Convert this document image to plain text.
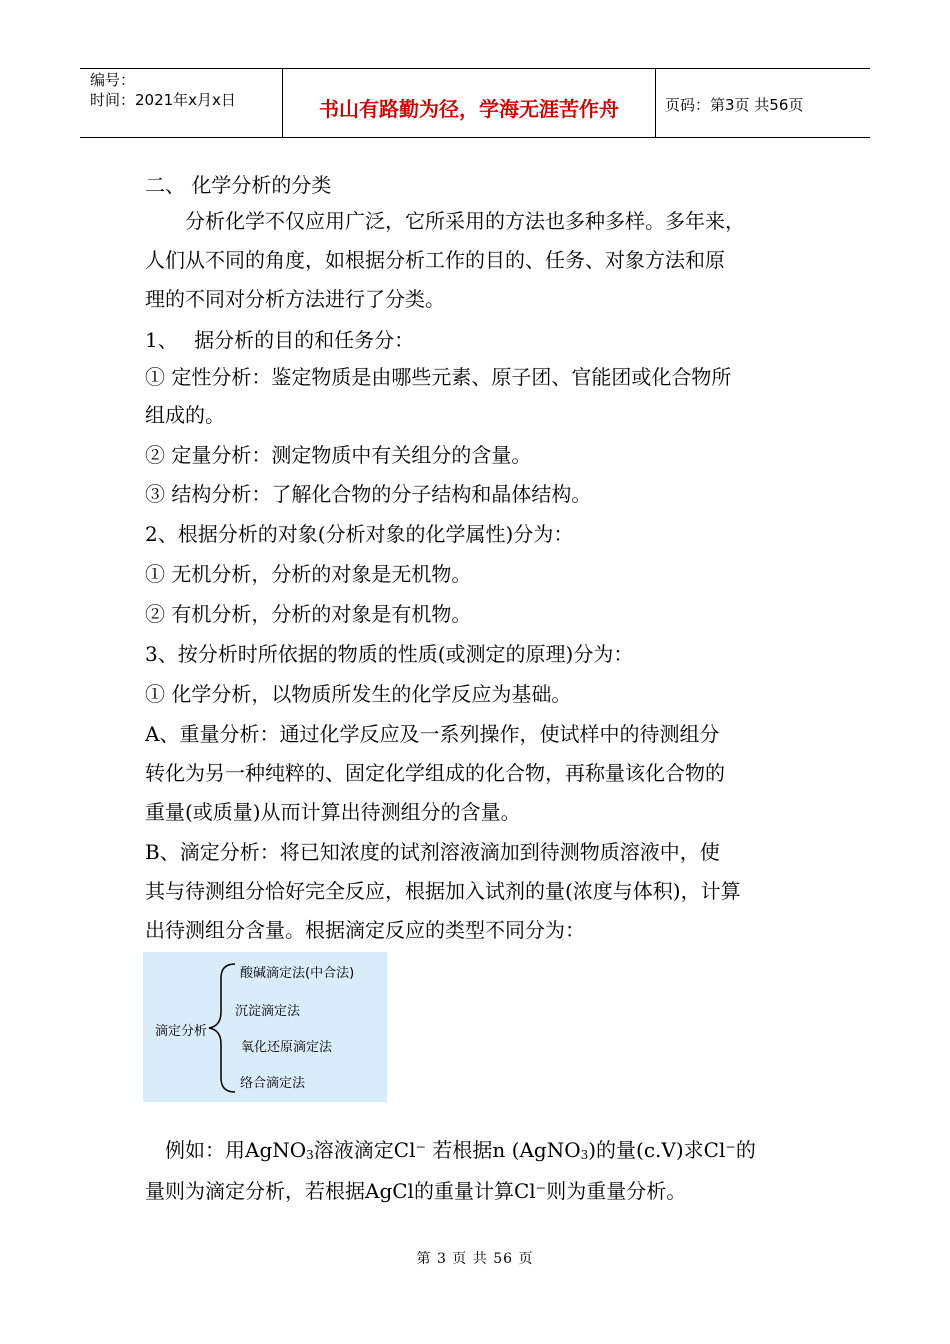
编号：
时间：2021年x月x日	书山有路勤为径，学海无涯苦作舟	页码：第3页 共56页
二、 化学分析的分类
　　分析化学不仅应用广泛，它所采用的方法也多种多样。多年来，
人们从不同的角度，如根据分析工作的目的、任务、对象方法和原
理的不同对分析方法进行了分类。
1、　 据分析的目的和任务分：
① 定性分析：鉴定物质是由哪些元素、原子团、官能团或化合物所
组成的。
② 定量分析：测定物质中有关组分的含量。
③ 结构分析：了解化合物的分子结构和晶体结构。
2、根据分析的对象(分析对象的化学属性)分为：
① 无机分析，分析的对象是无机物。
② 有机分析，分析的对象是有机物。
3、按分析时所依据的物质的性质(或测定的原理)分为：
① 化学分析，以物质所发生的化学反应为基础。
A、重量分析：通过化学反应及一系列操作，使试样中的待测组分
转化为另一种纯粹的、固定化学组成的化合物，再称量该化合物的
重量(或质量)从而计算出待测组分的含量。
B、滴定分析：将已知浓度的试剂溶液滴加到待测物质溶液中，使
其与待测组分恰好完全反应，根据加入试剂的量(浓度与体积)，计算
出待测组分含量。根据滴定反应的类型不同分为：
滴定分析
酸碱滴定法(中合法)
沉淀滴定法
氧化还原滴定法
络合滴定法
　例如：用AgNO$_3$溶液滴定Cl⁻ 若根据n (AgNO$_3$)的量(c.V)求Cl⁻的
量则为滴定分析，若根据AgCl的重量计算Cl⁻则为重量分析。
第 3 页 共 56 页
